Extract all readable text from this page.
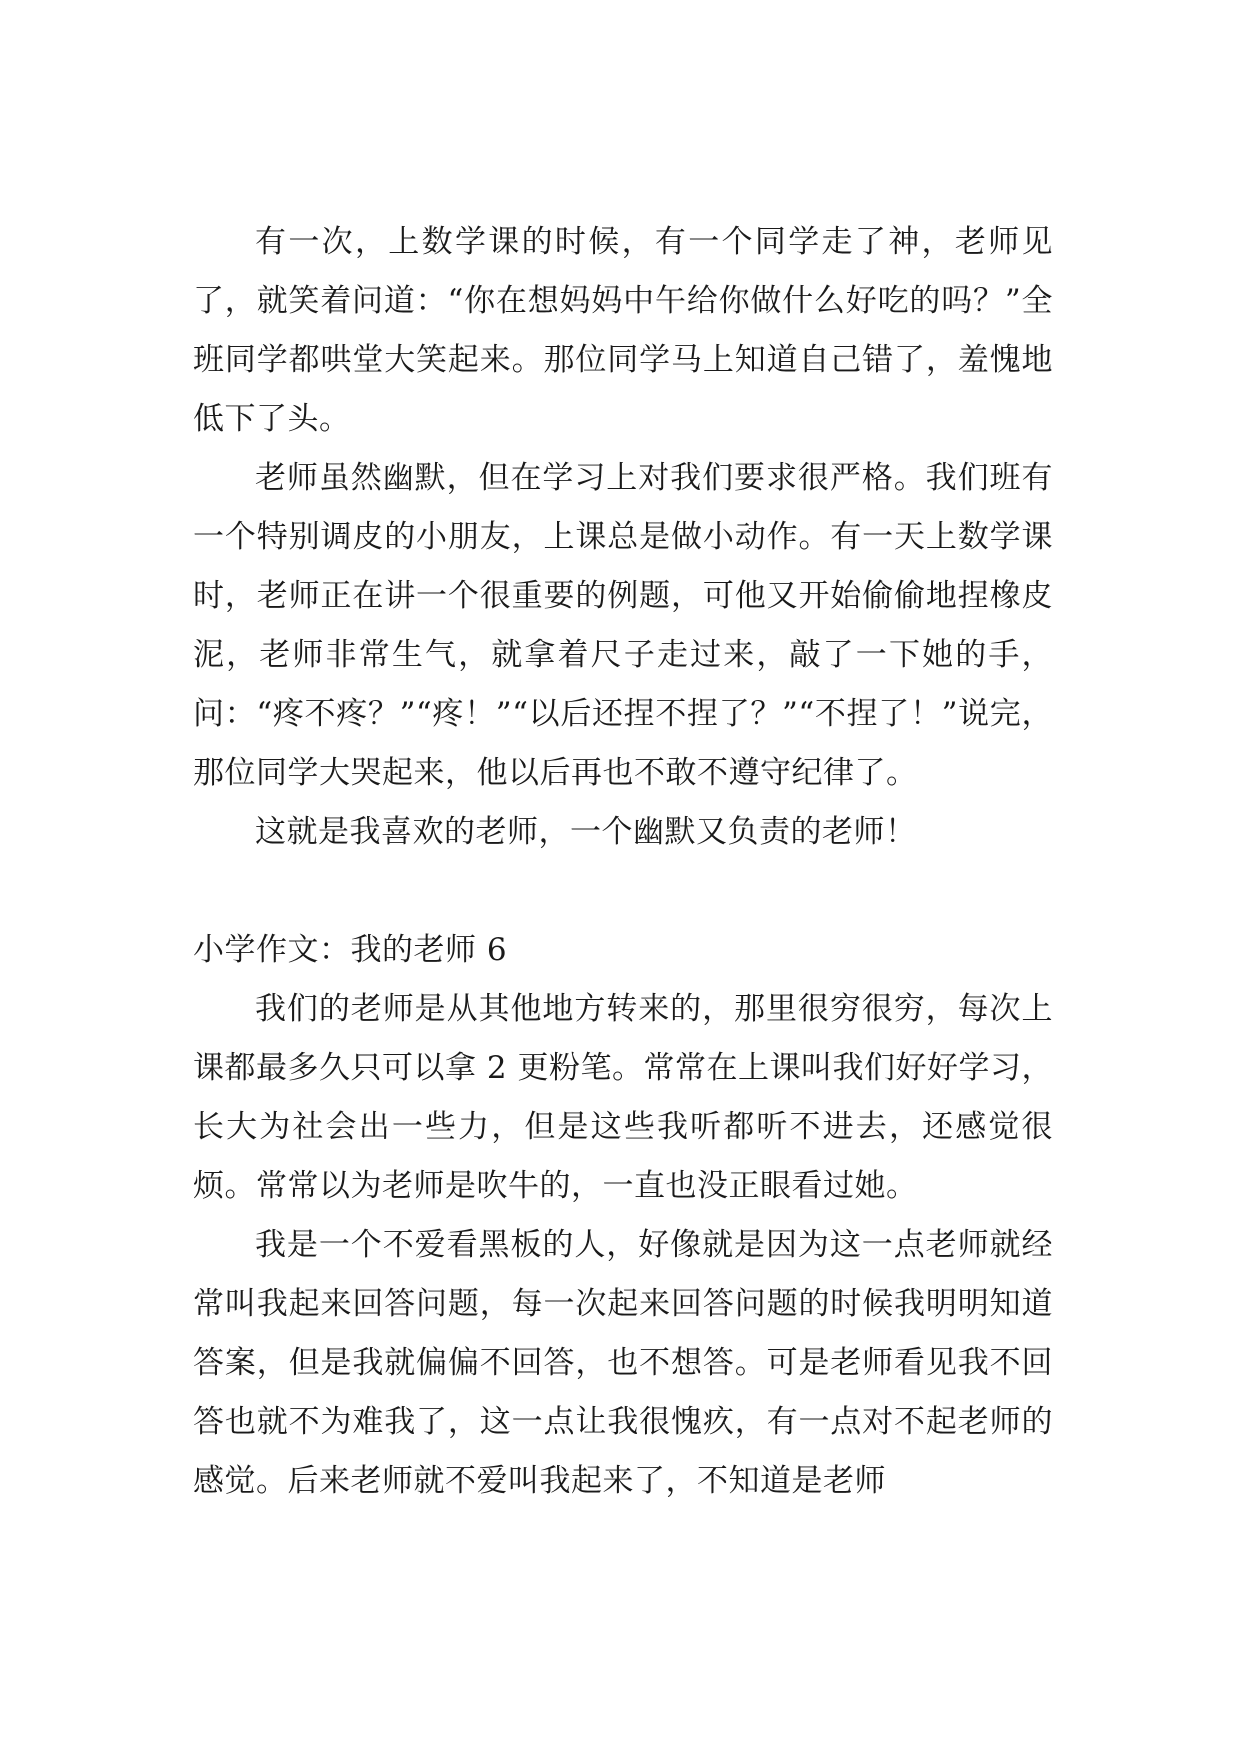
有一次，上数学课的时候，有一个同学走了神，老师见了，就笑着问道：“你在想妈妈中午给你做什么好吃的吗？”全班同学都哄堂大笑起来。那位同学马上知道自己错了，羞愧地低下了头。

老师虽然幽默，但在学习上对我们要求很严格。我们班有一个特别调皮的小朋友，上课总是做小动作。有一天上数学课时，老师正在讲一个很重要的例题，可他又开始偷偷地捏橡皮泥，老师非常生气，就拿着尺子走过来，敲了一下她的手，问：“疼不疼？”“疼！”“以后还捏不捏了？”“不捏了！”说完，那位同学大哭起来，他以后再也不敢不遵守纪律了。

这就是我喜欢的老师，一个幽默又负责的老师！

小学作文：我的老师 6

我们的老师是从其他地方转来的，那里很穷很穷，每次上课都最多久只可以拿 2 更粉笔。常常在上课叫我们好好学习，长大为社会出一些力，但是这些我听都听不进去，还感觉很烦。常常以为老师是吹牛的，一直也没正眼看过她。

我是一个不爱看黑板的人，好像就是因为这一点老师就经常叫我起来回答问题，每一次起来回答问题的时候我明明知道答案，但是我就偏偏不回答，也不想答。可是老师看见我不回答也就不为难我了，这一点让我很愧疚，有一点对不起老师的感觉。后来老师就不爱叫我起来了，不知道是老师
